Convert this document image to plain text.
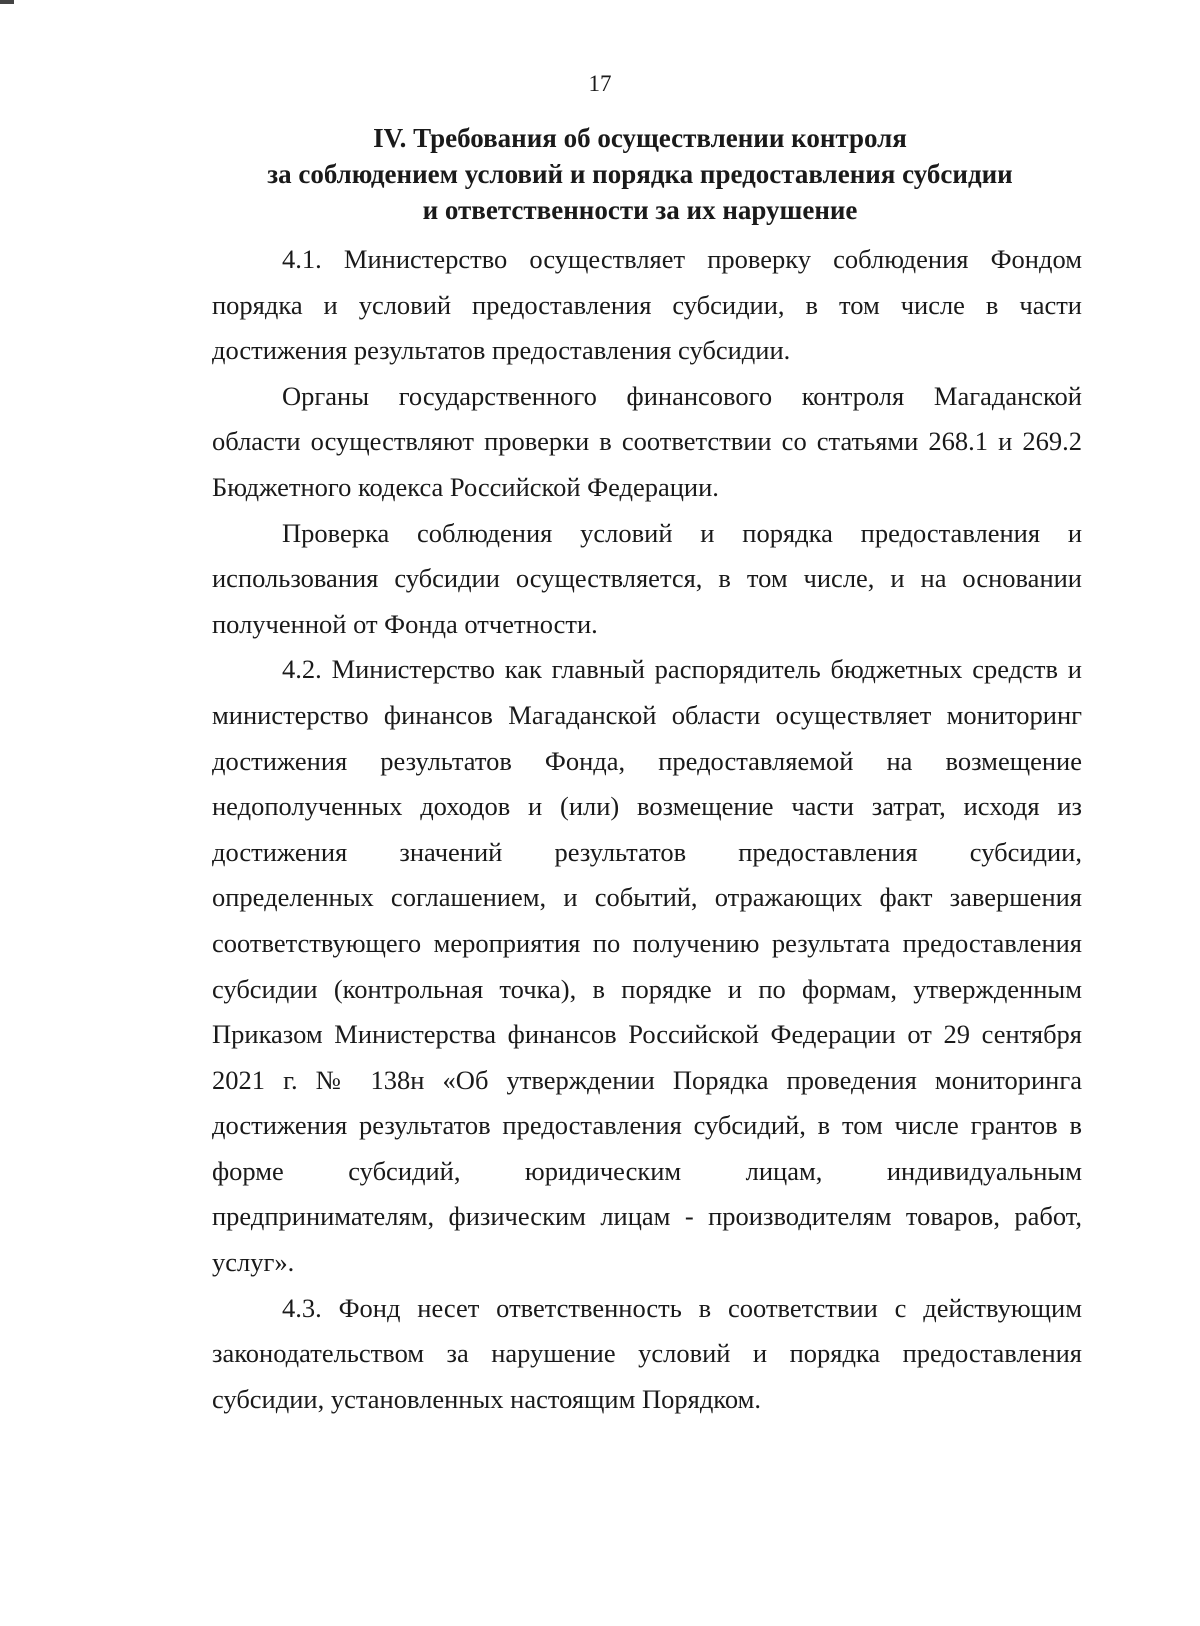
17
IV. Требования об осуществлении контроля
за соблюдением условий и порядка предоставления субсидии
и ответственности за их нарушение
4.1. Министерство осуществляет проверку соблюдения Фондом
порядка и условий предоставления субсидии, в том числе в части
достижения результатов предоставления субсидии.
Органы государственного финансового контроля Магаданской
области осуществляют проверки в соответствии со статьями 268.1 и 269.2
Бюджетного кодекса Российской Федерации.
Проверка соблюдения условий и порядка предоставления и
использования субсидии осуществляется, в том числе, и на основании
полученной от Фонда отчетности.
4.2. Министерство как главный распорядитель бюджетных средств и
министерство финансов Магаданской области осуществляет мониторинг
достижения результатов Фонда, предоставляемой на возмещение
недополученных доходов и (или) возмещение части затрат, исходя из
достижения значений результатов предоставления субсидии,
определенных соглашением, и событий, отражающих факт завершения
соответствующего мероприятия по получению результата предоставления
субсидии (контрольная точка), в порядке и по формам, утвержденным
Приказом Министерства финансов Российской Федерации от 29 сентября
2021 г. № 138н «Об утверждении Порядка проведения мониторинга
достижения результатов предоставления субсидий, в том числе грантов в
форме субсидий, юридическим лицам, индивидуальным
предпринимателям, физическим лицам - производителям товаров, работ,
услуг».
4.3. Фонд несет ответственность в соответствии с действующим
законодательством за нарушение условий и порядка предоставления
субсидии, установленных настоящим Порядком.
